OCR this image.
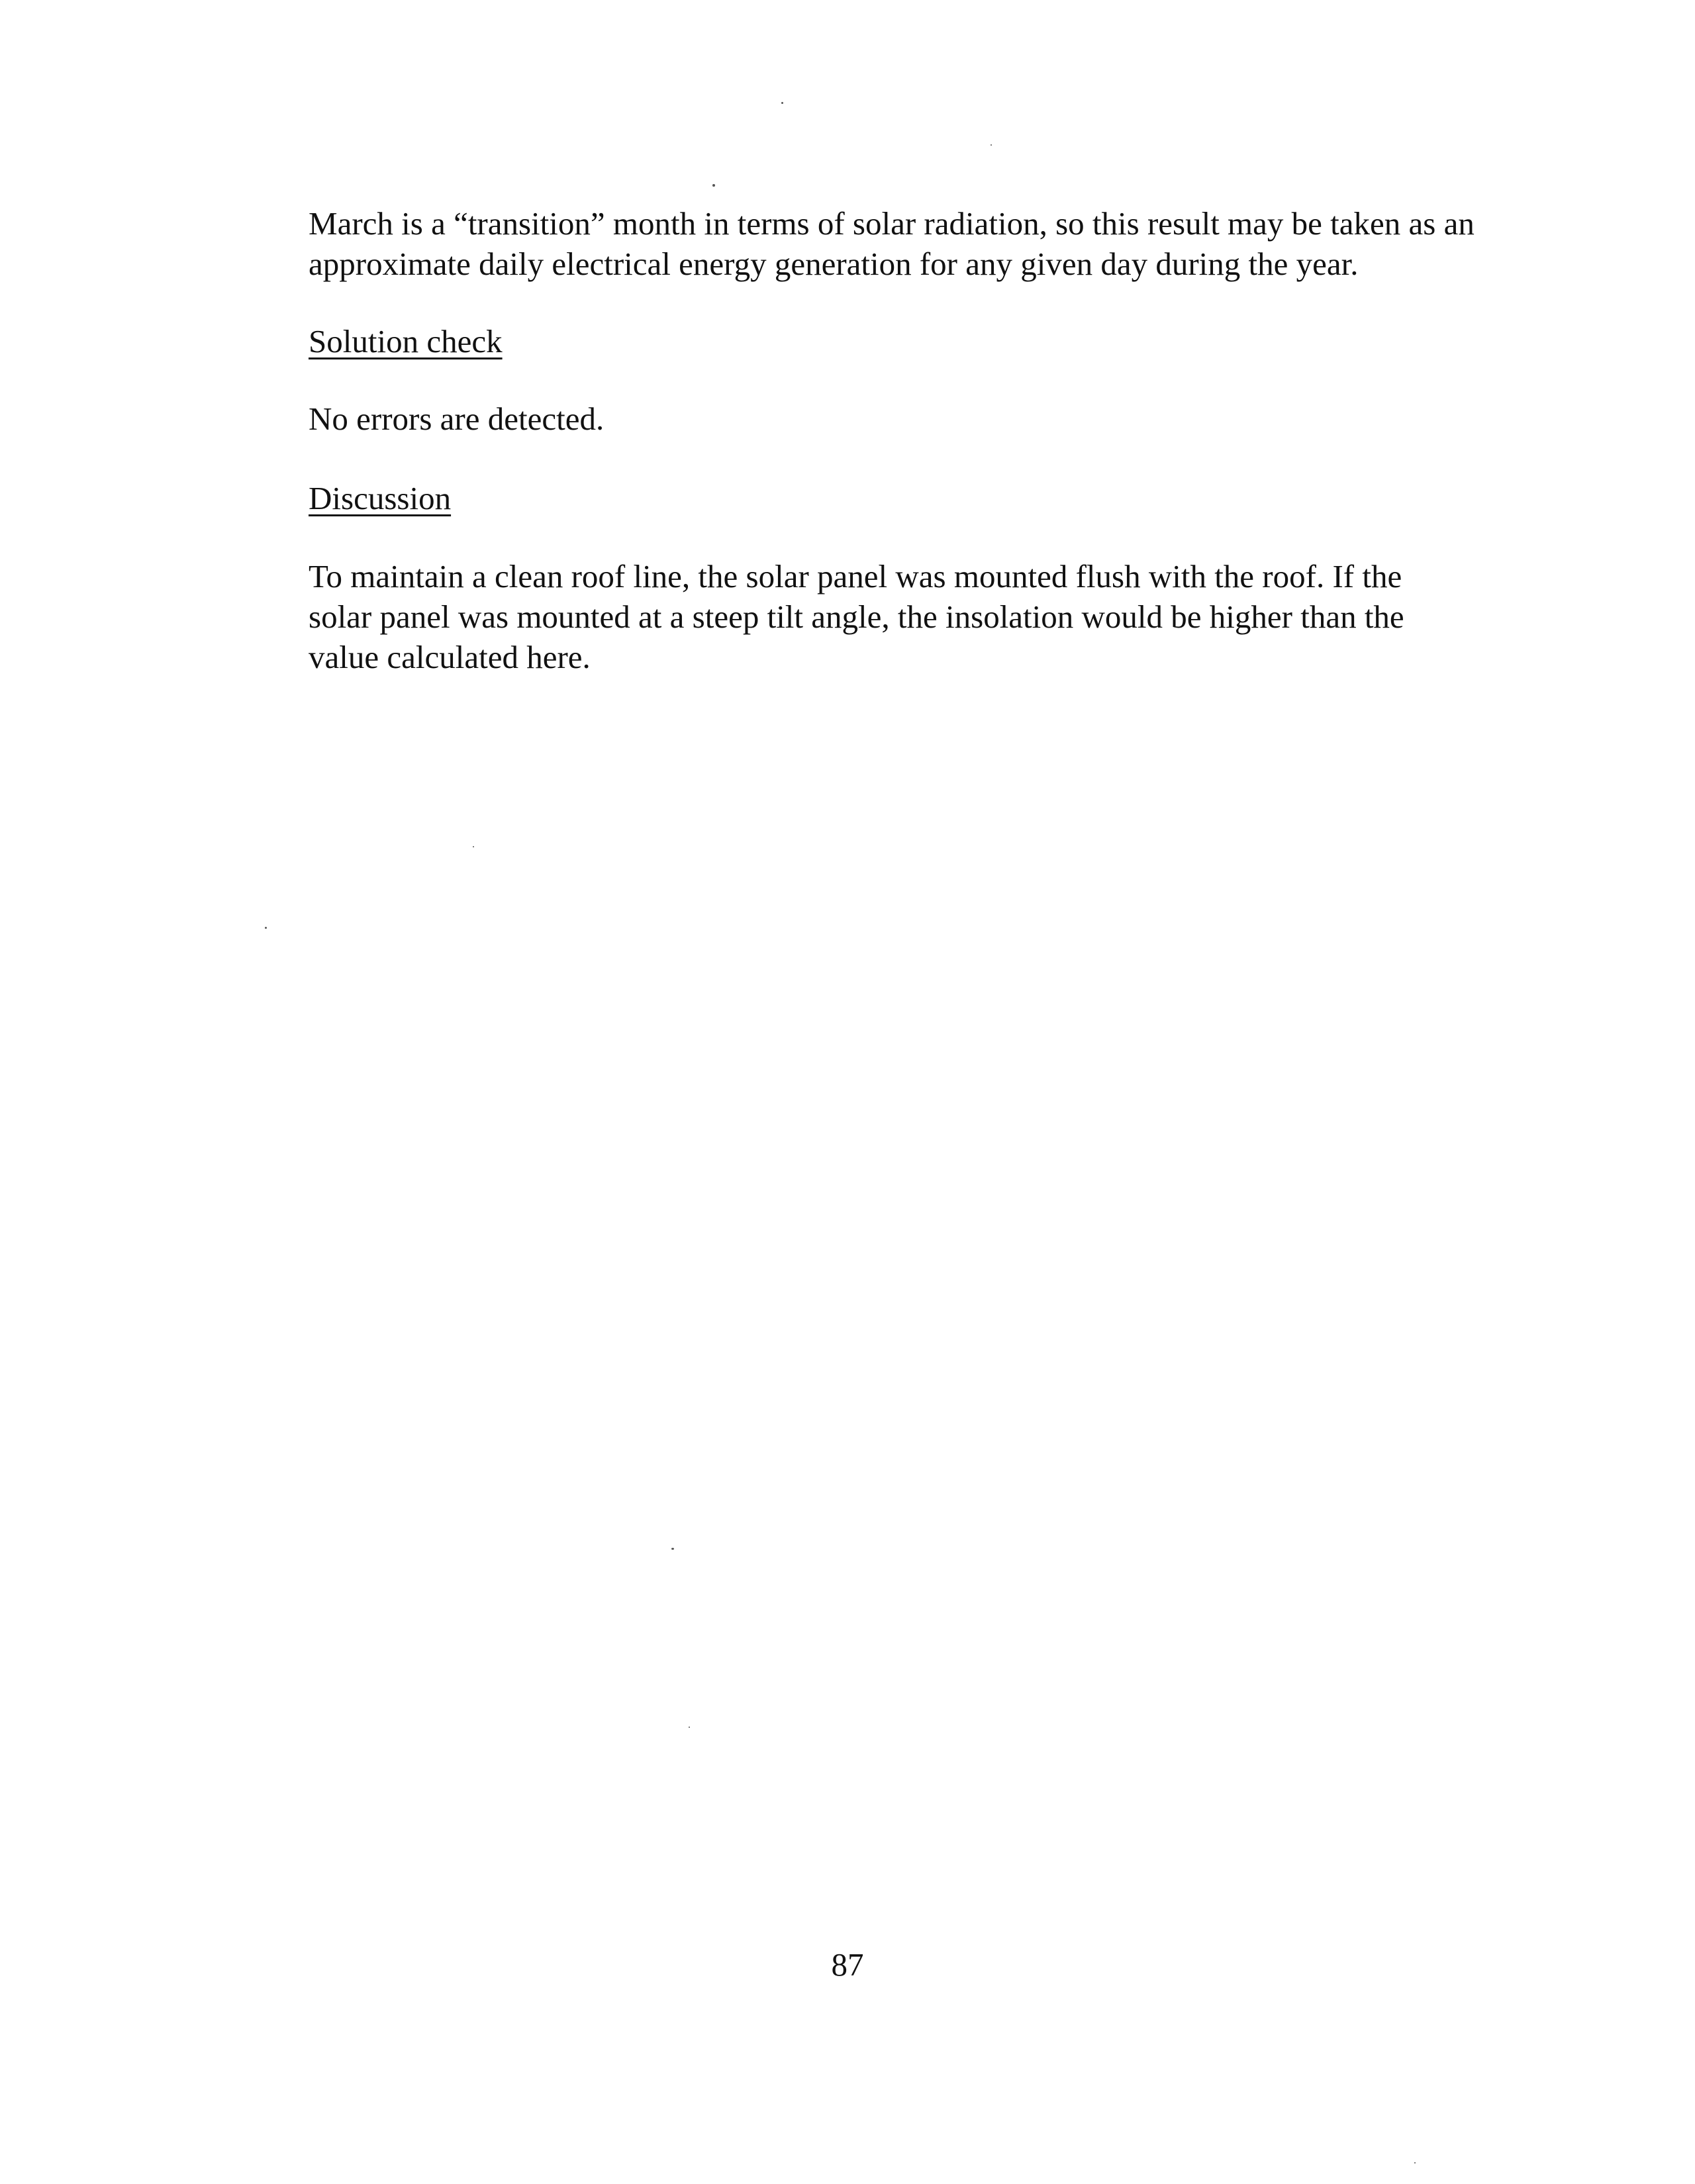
March is a “transition” month in terms of solar radiation, so this result may be taken as an
approximate daily electrical energy generation for any given day during the year.

Solution check

No errors are detected.

Discussion

To maintain a clean roof line, the solar panel was mounted flush with the roof. If the
solar panel was mounted at a steep tilt angle, the insolation would be higher than the
value calculated here.

87
